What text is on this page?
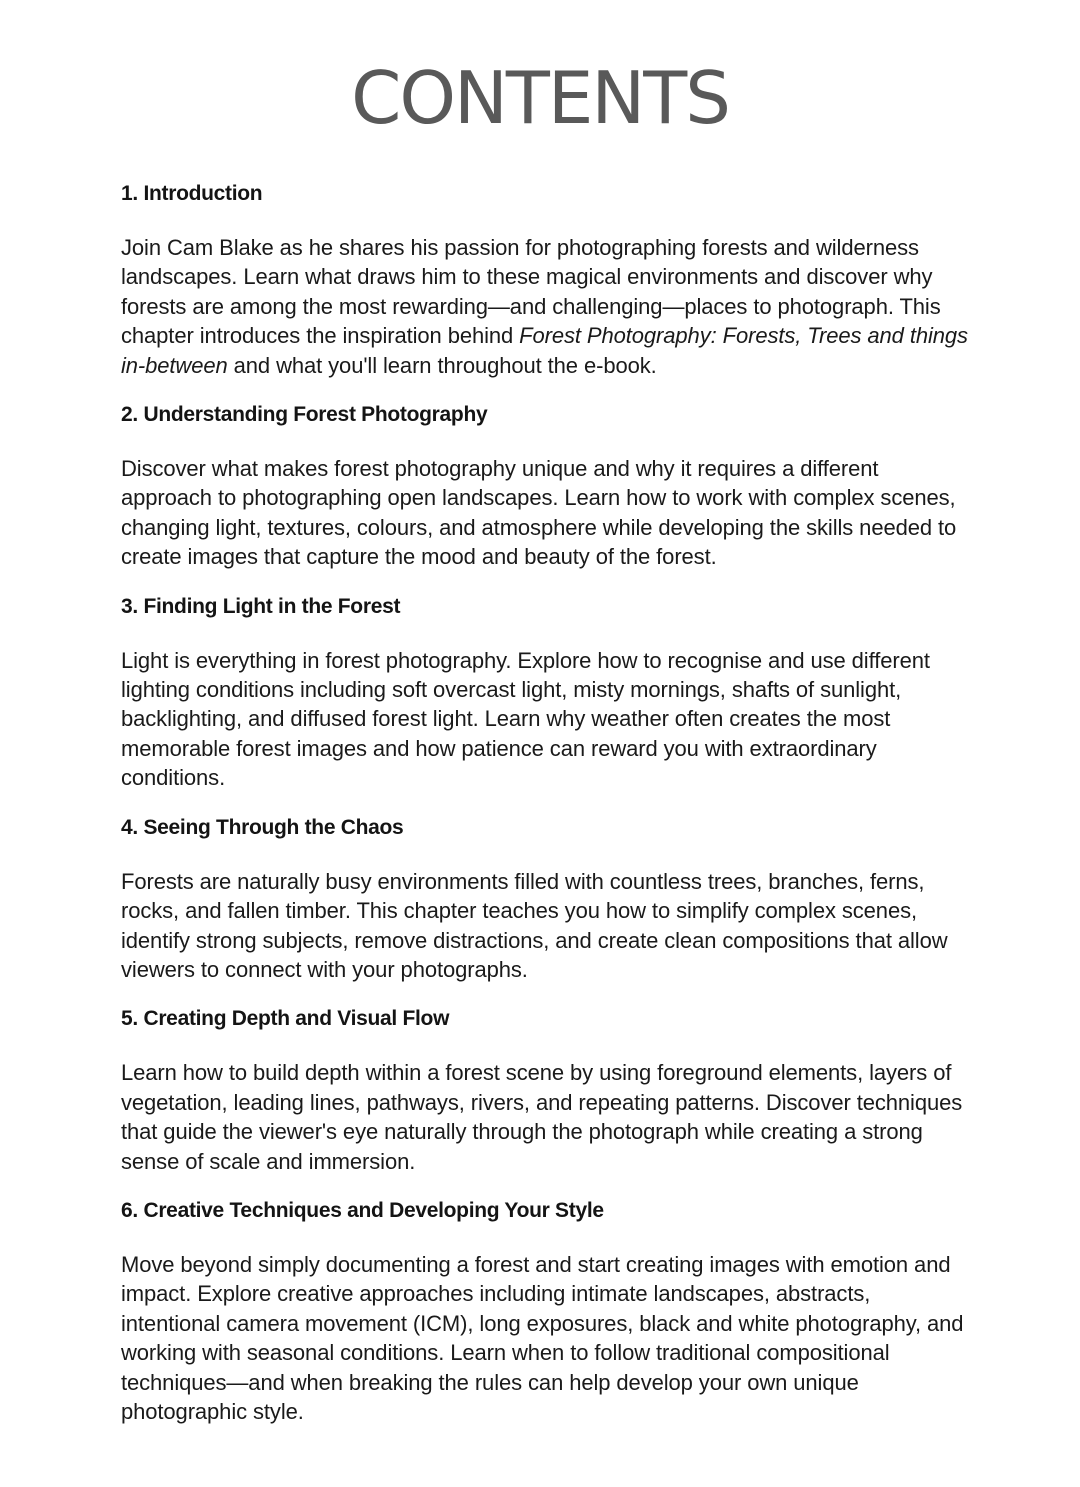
CONTENTS
1. Introduction

Join Cam Blake as he shares his passion for photographing forests and wilderness landscapes. Learn what draws him to these magical environments and discover why forests are among the most rewarding—and challenging—places to photograph. This chapter introduces the inspiration behind Forest Photography: Forests, Trees and things in-between and what you'll learn throughout the e-book.

2. Understanding Forest Photography

Discover what makes forest photography unique and why it requires a different approach to photographing open landscapes. Learn how to work with complex scenes, changing light, textures, colours, and atmosphere while developing the skills needed to create images that capture the mood and beauty of the forest.

3. Finding Light in the Forest

Light is everything in forest photography. Explore how to recognise and use different lighting conditions including soft overcast light, misty mornings, shafts of sunlight, backlighting, and diffused forest light. Learn why weather often creates the most memorable forest images and how patience can reward you with extraordinary conditions.

4. Seeing Through the Chaos

Forests are naturally busy environments filled with countless trees, branches, ferns, rocks, and fallen timber. This chapter teaches you how to simplify complex scenes, identify strong subjects, remove distractions, and create clean compositions that allow viewers to connect with your photographs.

5. Creating Depth and Visual Flow

Learn how to build depth within a forest scene by using foreground elements, layers of vegetation, leading lines, pathways, rivers, and repeating patterns. Discover techniques that guide the viewer's eye naturally through the photograph while creating a strong sense of scale and immersion.

6. Creative Techniques and Developing Your Style

Move beyond simply documenting a forest and start creating images with emotion and impact. Explore creative approaches including intimate landscapes, abstracts, intentional camera movement (ICM), long exposures, black and white photography, and working with seasonal conditions. Learn when to follow traditional compositional techniques—and when breaking the rules can help develop your own unique photographic style.
